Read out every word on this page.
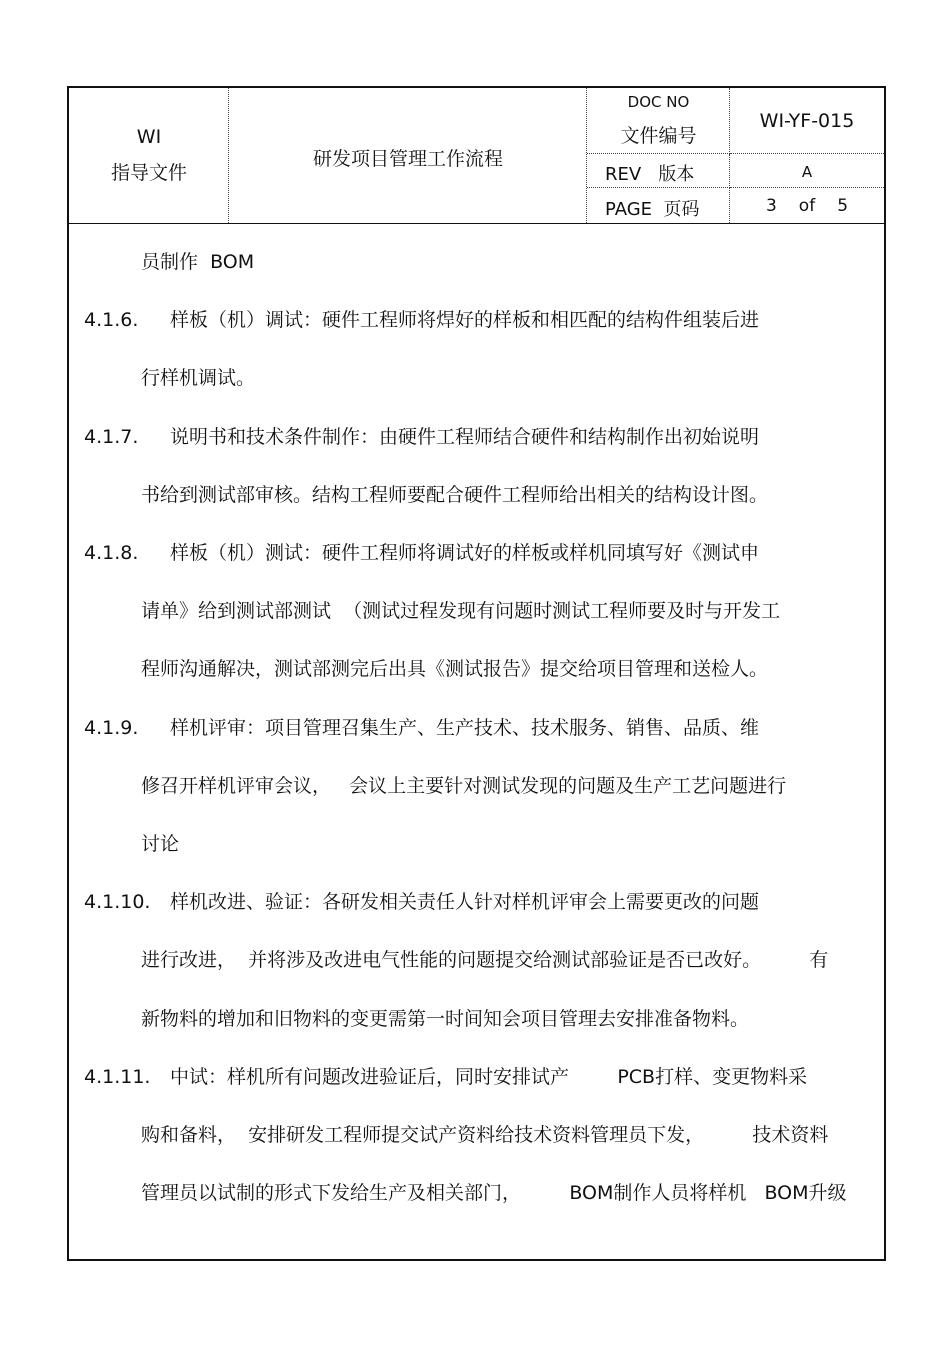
WI
指导文件
研发项目管理工作流程
DOC NO
文件编号
WI-YF-015
REV   版本	A
PAGE  页码	3 of 5
员制作  BOM
4.1.6. 样板（机）调试：硬件工程师将焊好的样板和相匹配的结构件组装后进
行样机调试。
4.1.7. 说明书和技术条件制作：由硬件工程师结合硬件和结构制作出初始说明
书给到测试部审核。结构工程师要配合硬件工程师给出相关的结构设计图。
4.1.8. 样板（机）测试：硬件工程师将调试好的样板或样机同填写好《测试申
请单》给到测试部测试  （测试过程发现有问题时测试工程师要及时与开发工
程师沟通解决，测试部测完后出具《测试报告》提交给项目管理和送检人。
4.1.9. 样机评审：项目管理召集生产、生产技术、技术服务、销售、品质、维
修召开样机评审会议，   会议上主要针对测试发现的问题及生产工艺问题进行
讨论
4.1.10. 样机改进、验证：各研发相关责任人针对样机评审会上需要更改的问题
进行改进，  并将涉及改进电气性能的问题提交给测试部验证是否已改好。        有
新物料的增加和旧物料的变更需第一时间知会项目管理去安排准备物料。
4.1.11. 中试：样机所有问题改进验证后，同时安排试产        PCB打样、变更物料采
购和备料，  安排研发工程师提交试产资料给技术资料管理员下发，        技术资料
管理员以试制的形式下发给生产及相关部门，        BOM制作人员将样机   BOM升级
